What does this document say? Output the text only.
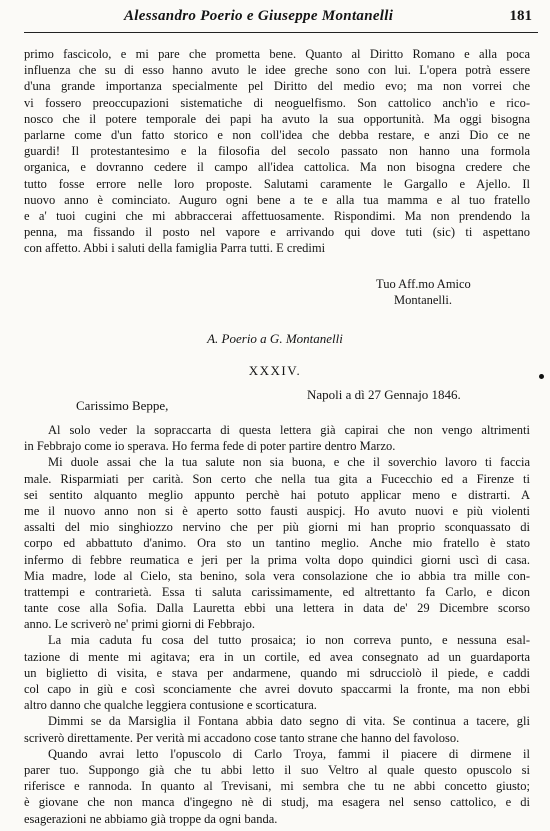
Alessandro Poerio e Giuseppe Montanelli	181
primo fascicolo, e mi pare che prometta bene. Quanto al Diritto Romano e alla poca
influenza che su di esso hanno avuto le idee greche sono con lui. L'opera potrà essere
d'una grande importanza specialmente pel Diritto del medio evo; ma non vorrei che
vi fossero preoccupazioni sistematiche di neoguelfismo. Son cattolico anch'io e rico-
nosco che il potere temporale dei papi ha avuto la sua opportunità. Ma oggi bisogna
parlarne come d'un fatto storico e non coll'idea che debba restare, e anzi Dio ce ne
guardi! Il protestantesimo e la filosofia del secolo passato non hanno una formola
organica, e dovranno cedere il campo all'idea cattolica. Ma non bisogna credere che
tutto fosse errore nelle loro proposte. Salutami caramente le Gargallo e Ajello. Il
nuovo anno è cominciato. Auguro ogni bene a te e alla tua mamma e al tuo fratello
e a' tuoi cugini che mi abbraccerai affettuosamente. Rispondimi. Ma non prendendo la
penna, ma fissando il posto nel vapore e arrivando qui dove tuti (sic) ti aspettano
con affetto. Abbi i saluti della famiglia Parra tutti. E credimi
Tuo Aff.mo Amico
Montanelli.
A. Poerio a G. Montanelli
XXXIV.
Napoli a dì 27 Gennajo 1846.
Carissimo Beppe,
Al solo veder la sopraccarta di questa lettera già capirai che non vengo altrimenti
in Febbrajo come io sperava. Ho ferma fede di poter partire dentro Marzo.
Mi duole assai che la tua salute non sia buona, e che il soverchio lavoro ti faccia
male. Risparmiati per carità. Son certo che nella tua gita a Fucecchio ed a Firenze ti
sei sentito alquanto meglio appunto perchè hai potuto applicar meno e distrarti. A
me il nuovo anno non si è aperto sotto fausti auspicj. Ho avuto nuovi e più violenti
assalti del mio singhiozzo nervino che per più giorni mi han proprio sconquassato di
corpo ed abbattuto d'animo. Ora sto un tantino meglio. Anche mio fratello è stato
infermo di febbre reumatica e jeri per la prima volta dopo quindici giorni uscì di casa.
Mia madre, lode al Cielo, sta benino, sola vera consolazione che io abbia tra mille con-
trattempi e contrarietà. Essa ti saluta carissimamente, ed altrettanto fa Carlo, e dicon
tante cose alla Sofia. Dalla Lauretta ebbi una lettera in data de' 29 Dicembre scorso
anno. Le scriverò ne' primi giorni di Febbrajo.
La mia caduta fu cosa del tutto prosaica; io non correva punto, e nessuna esal-
tazione di mente mi agitava; era in un cortile, ed avea consegnato ad un guardaporta
un biglietto di visita, e stava per andarmene, quando mi sdrucciolò il piede, e caddi
col capo in giù e così sconciamente che avrei dovuto spaccarmi la fronte, ma non ebbi
altro danno che qualche leggiera contusione e scorticatura.
Dimmi se da Marsiglia il Fontana abbia dato segno di vita. Se continua a tacere, gli
scriverò direttamente. Per verità mi accadono cose tanto strane che hanno del favoloso.
Quando avrai letto l'opuscolo di Carlo Troya, fammi il piacere di dirmene il
parer tuo. Suppongo già che tu abbi letto il suo Veltro al quale questo opuscolo si
riferisce e rannoda. In quanto al Trevisani, mi sembra che tu ne abbi concetto giusto;
è giovane che non manca d'ingegno nè di studj, ma esagera nel senso cattolico, e di
esagerazioni ne abbiamo già troppe da ogni banda.
